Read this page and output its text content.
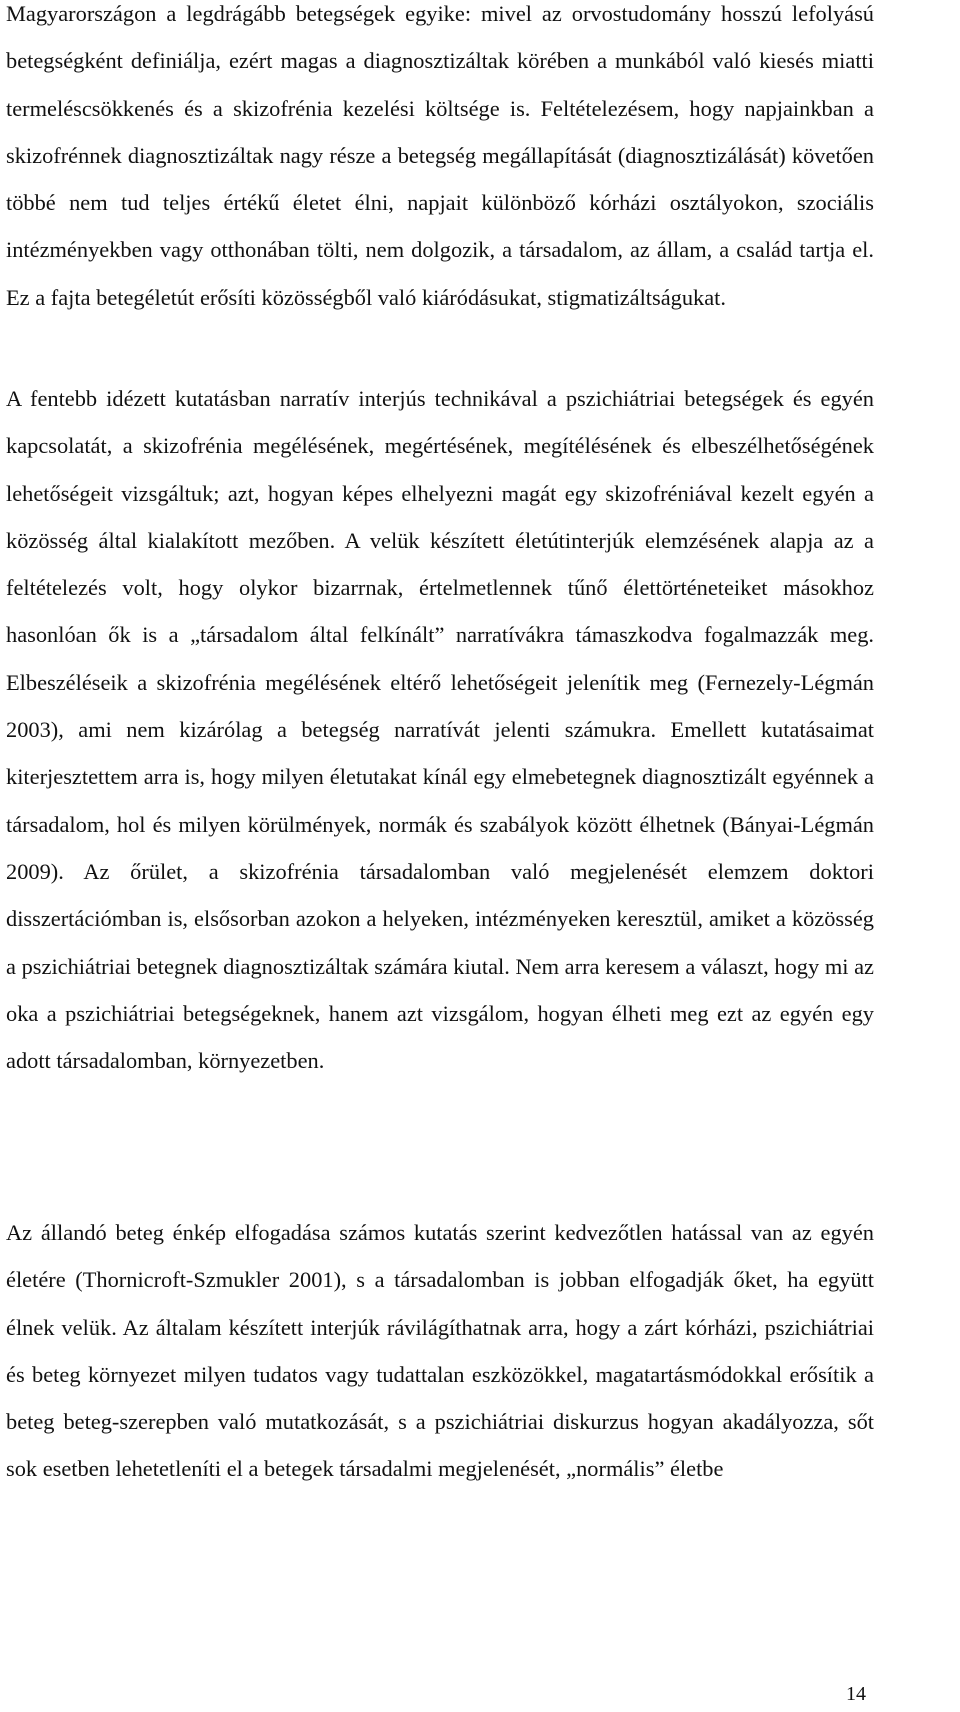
Magyarországon a legdrágább betegségek egyike: mivel az orvostudomány hosszú lefolyású betegségként definiálja, ezért magas a diagnosztizáltak körében a munkából való kiesés miatti termeléscsökkenés és a skizofrénia kezelési költsége is. Feltételezésem, hogy napjainkban a skizofrénnek diagnosztizáltak nagy része a betegség megállapítását (diagnosztizálását) követően többé nem tud teljes értékű életet élni, napjait különböző kórházi osztályokon, szociális intézményekben vagy otthonában tölti, nem dolgozik, a társadalom, az állam, a család tartja el. Ez a fajta betegéletút erősíti közösségből való kiáródásukat, stigmatizáltságukat.

A fentebb idézett kutatásban narratív interjús technikával a pszichiátriai betegségek és egyén kapcsolatát, a skizofrénia megélésének, megértésének, megítélésének és elbeszélhetőségének lehetőségeit vizsgáltuk; azt, hogyan képes elhelyezni magát egy skizofréniával kezelt egyén a közösség által kialakított mezőben. A velük készített életútinterjúk elemzésének alapja az a feltételezés volt, hogy olykor bizarrnak, értelmetlennek tűnő élettörténeteiket másokhoz hasonlóan ők is a „társadalom által felkínált” narratívákra támaszkodva fogalmazzák meg. Elbeszéléseik a skizofrénia megélésének eltérő lehetőségeit jelenítik meg (Fernezely-Légmán 2003), ami nem kizárólag a betegség narratívát jelenti számukra. Emellett kutatásaimat kiterjesztettem arra is, hogy milyen életutakat kínál egy elmebetegnek diagnosztizált egyénnek a társadalom, hol és milyen körülmények, normák és szabályok között élhetnek (Bányai-Légmán 2009). Az őrület, a skizofrénia társadalomban való megjelenését elemzem doktori disszertációmban is, elsősorban azokon a helyeken, intézményeken keresztül, amiket a közösség a pszichiátriai betegnek diagnosztizáltak számára kiutal. Nem arra keresem a választ, hogy mi az oka a pszichiátriai betegségeknek, hanem azt vizsgálom, hogyan élheti meg ezt az egyén egy adott társadalomban, környezetben.

Az állandó beteg énkép elfogadása számos kutatás szerint kedvezőtlen hatással van az egyén életére (Thornicroft-Szmukler 2001), s a társadalomban is jobban elfogadják őket, ha együtt élnek velük. Az általam készített interjúk rávilágíthatnak arra, hogy a zárt kórházi, pszichiátriai és beteg környezet milyen tudatos vagy tudattalan eszközökkel, magatartásmódokkal erősítik a beteg beteg-szerepben való mutatkozását, s a pszichiátriai diskurzus hogyan akadályozza, sőt sok esetben lehetetleníti el a betegek társadalmi megjelenését, „normális” életbe

14
